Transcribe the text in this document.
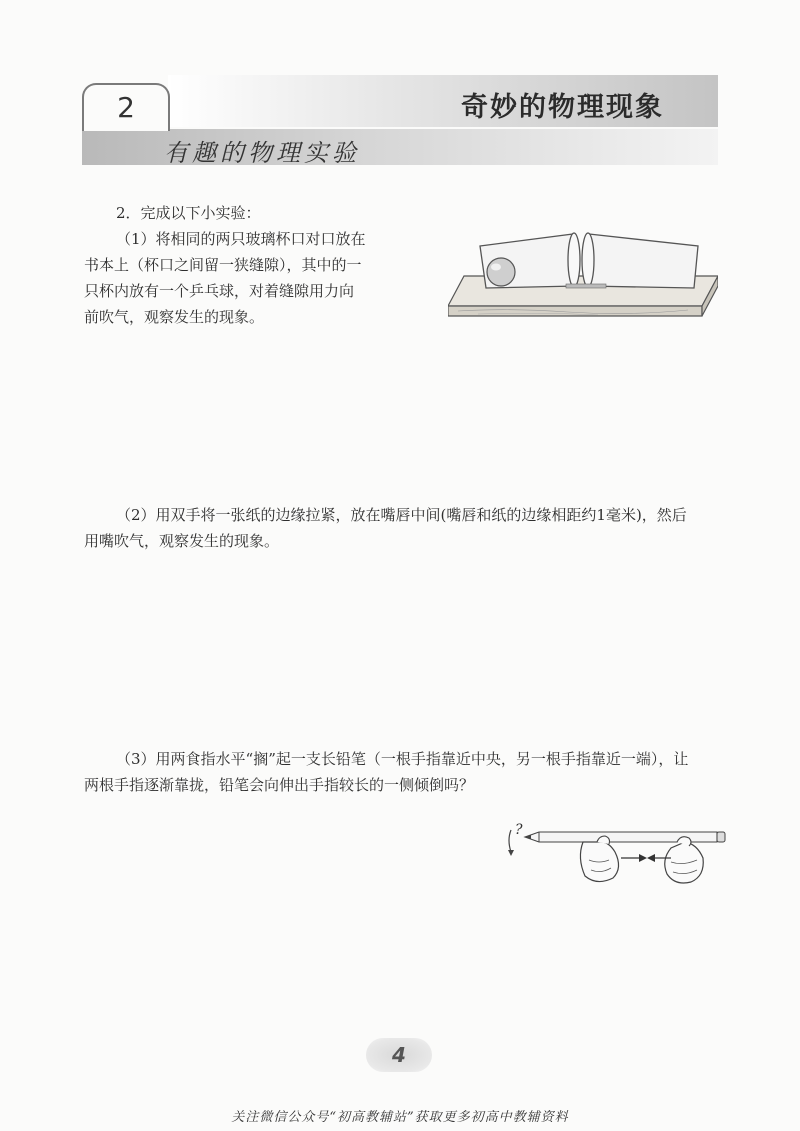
奇妙的物理现象
有趣的物理实验
2
2．完成以下小实验：
（1）将相同的两只玻璃杯口对口放在
书本上（杯口之间留一狭缝隙），其中的一
只杯内放有一个乒乓球，对着缝隙用力向
前吹气，观察发生的现象。
（2）用双手将一张纸的边缘拉紧，放在嘴唇中间(嘴唇和纸的边缘相距约1毫米)，然后
用嘴吹气，观察发生的现象。
（3）用两食指水平“搁”起一支长铅笔（一根手指靠近中央，另一根手指靠近一端），让
两根手指逐渐靠拢，铅笔会向伸出手指较长的一侧倾倒吗？
?
4
关注微信公众号“初高教辅站”获取更多初高中教辅资料
